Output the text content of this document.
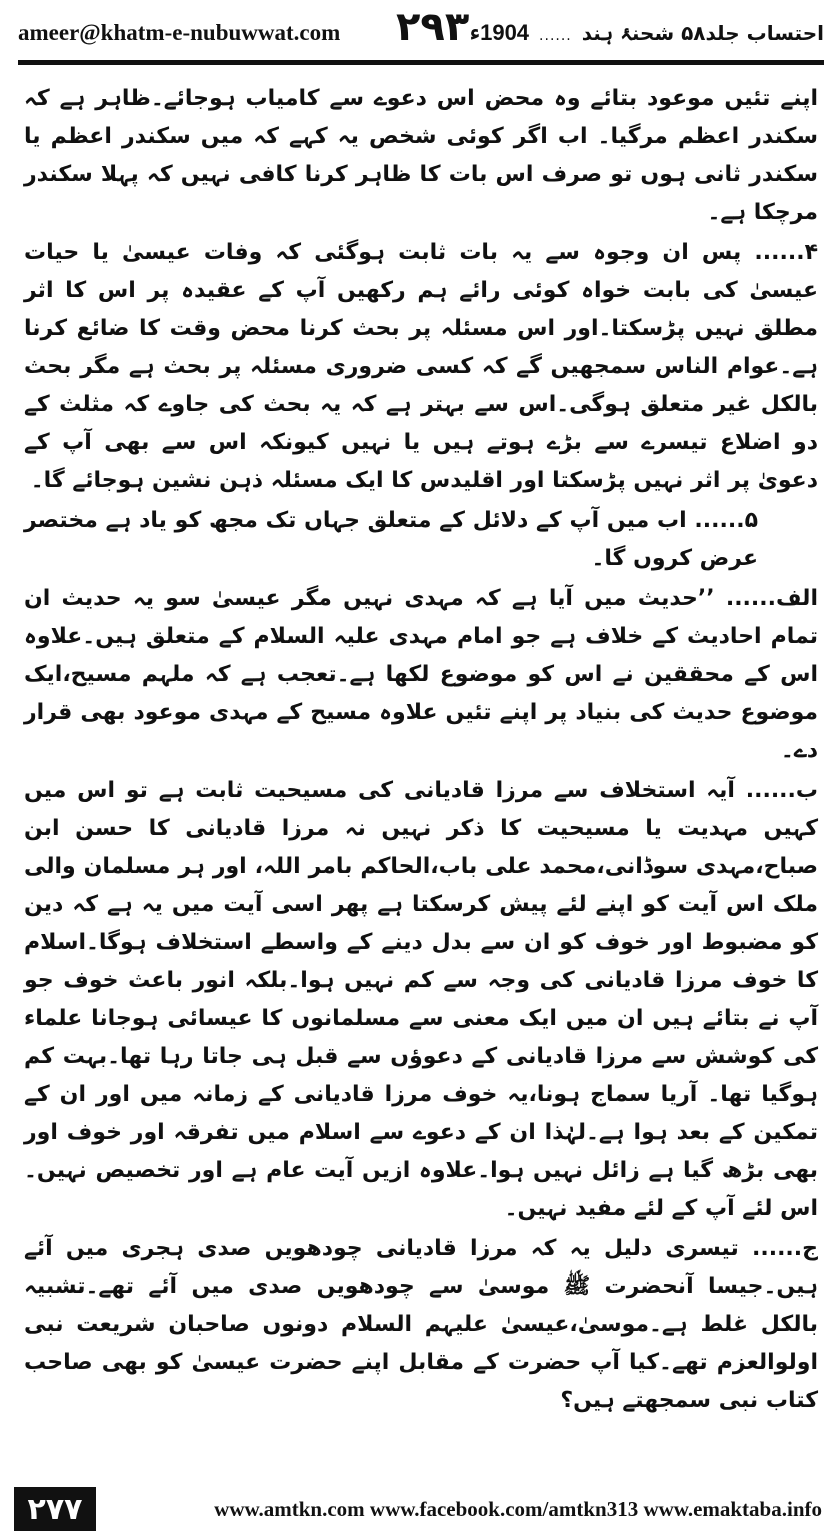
ameer@khatm-e-nubuwwat.com ۲۹۳	احتساب جلد۵۸ شحنۂ ہند
......
1904ء

اپنے تئیں موعود بتائے وہ محض اس دعوے سے کامیاب ہوجائے۔ظاہر ہے کہ سکندر اعظم مرگیا۔ اب اگر کوئی شخص یہ کہے کہ میں سکندر اعظم یا سکندر ثانی ہوں تو صرف اس بات کا ظاہر کرنا کافی نہیں کہ پہلا سکندر مرچکا ہے۔

۴...... پس ان وجوہ سے یہ بات ثابت ہوگئی کہ وفات عیسیٰ یا حیات عیسیٰ کی بابت خواہ کوئی رائے ہم رکھیں آپ کے عقیدہ پر اس کا اثر مطلق نہیں پڑسکتا۔اور اس مسئلہ پر بحث کرنا محض وقت کا ضائع کرنا ہے۔عوام الناس سمجھیں گے کہ کسی ضروری مسئلہ پر بحث ہے مگر بحث بالکل غیر متعلق ہوگی۔اس سے بہتر ہے کہ یہ بحث کی جاوے کہ مثلث کے دو اضلاع تیسرے سے بڑے ہوتے ہیں یا نہیں کیونکہ اس سے بھی آپ کے دعویٰ پر اثر نہیں پڑسکتا اور اقلیدس کا ایک مسئلہ ذہن نشین ہوجائے گا۔

۵...... اب میں آپ کے دلائل کے متعلق جہاں تک مجھ کو یاد ہے مختصر عرض کروں گا۔

الف...... ’’حدیث میں آیا ہے کہ مہدی نہیں مگر عیسیٰ سو یہ حدیث ان تمام احادیث کے خلاف ہے جو امام مہدی علیہ السلام کے متعلق ہیں۔علاوہ اس کے محققین نے اس کو موضوع لکھا ہے۔تعجب ہے کہ ملہم مسیح،ایک موضوع حدیث کی بنیاد پر اپنے تئیں علاوہ مسیح کے مہدی موعود بھی قرار دے۔

ب...... آیہ استخلاف سے مرزا قادیانی کی مسیحیت ثابت ہے تو اس میں کہیں مہدیت یا مسیحیت کا ذکر نہیں نہ مرزا قادیانی کا حسن ابن صباح،مہدی سوڈانی،محمد علی باب،الحاکم بامر اللہ، اور ہر مسلمان والی ملک اس آیت کو اپنے لئے پیش کرسکتا ہے پھر اسی آیت میں یہ ہے کہ دین کو مضبوط اور خوف کو ان سے بدل دینے کے واسطے استخلاف ہوگا۔اسلام کا خوف مرزا قادیانی کی وجہ سے کم نہیں ہوا۔بلکہ انور باعث خوف جو آپ نے بتائے ہیں ان میں ایک معنی سے مسلمانوں کا عیسائی ہوجانا علماء کی کوشش سے مرزا قادیانی کے دعوؤں سے قبل ہی جاتا رہا تھا۔بہت کم ہوگیا تھا۔ آریا سماج ہونا،یہ خوف مرزا قادیانی کے زمانہ میں اور ان کے تمکین کے بعد ہوا ہے۔لہٰذا ان کے دعوے سے اسلام میں تفرقہ اور خوف اور بھی بڑھ گیا ہے زائل نہیں ہوا۔علاوہ ازیں آیت عام ہے اور تخصیص نہیں۔اس لئے آپ کے لئے مفید نہیں۔

ج...... تیسری دلیل یہ کہ مرزا قادیانی چودھویں صدی ہجری میں آئے ہیں۔جیسا آنحضرت ﷺ موسیٰ سے چودھویں صدی میں آئے تھے۔تشبیہ بالکل غلط ہے۔موسیٰ،عیسیٰ علیہم السلام دونوں صاحبان شریعت نبی اولوالعزم تھے۔کیا آپ حضرت کے مقابل اپنے حضرت عیسیٰ کو بھی صاحب کتاب نبی سمجھتے ہیں؟

۲۷۷	www.amtkn.com www.facebook.com/amtkn313 www.emaktaba.info
